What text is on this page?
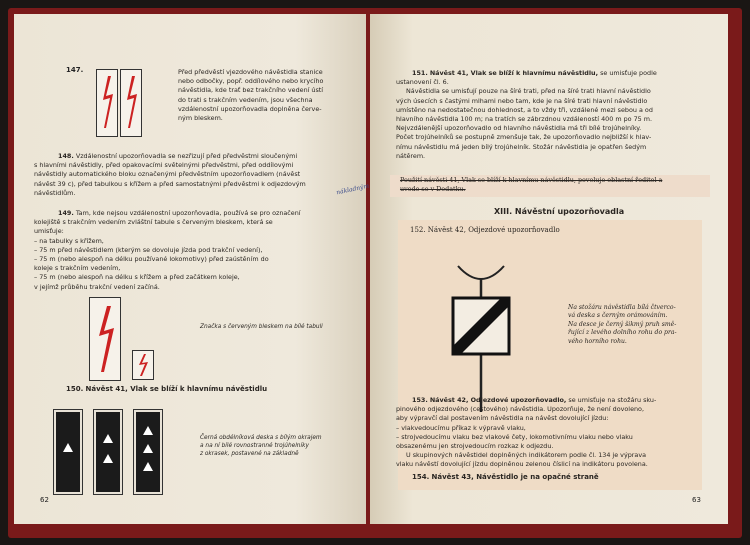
147.	Před předvěstí vjezdového návěstidla stanice
nebo odbočky, popř. oddílového nebo krycího
návěstidla, kde trať bez trakčního vedení ústí
do trati s trakčním vedením, jsou všechna
vzdálenostní upozorňovadla doplněna červe-
ným bleskem.
148. Vzdálenostní upozorňovadla se nezřizují před předvěstmi sloučenými
s hlavními návěstidly, před opakovacími světelnými předvěstmi, před oddílovými
návěstidly automatického bloku označenými předvěstním upozorňovadlem (návěst
návěst 39 c), před tabulkou s křížem a před samostatnými předvěstmi k odjezdovým
návěstidlům.	nákladným
149. Tam, kde nejsou vzdálenostní upozorňovadla, používá se pro označení
kolejiště s trakčním vedením zvláštní tabule s červeným bleskem, která se
umisťuje:
– na tabulky s křížem,
– 75 m před návěstidlem (kterým se dovoluje jízda pod trakční vedení),
– 75 m (nebo alespoň na délku používané lokomotivy) před zaústěním do
koleje s trakčním vedením,
– 75 m (nebo alespoň na délku s křížem a před začátkem koleje,
v jejímž průběhu trakční vedení začíná.
Značka s červeným bleskem na bílé tabuli
150. Návěst 41, Vlak se blíží k hlavnímu návěstidlu
Černá obdélníková deska s bílým okrajem
a na ní bílé rovnostranné trojúhelníky
z okrasek, postavené na základně
62
151. Návěst 41, Vlak se blíží k hlavnímu návěstidlu, se umisťuje podle
ustanovení čl. 6.
Návěstidla se umisťují pouze na šíré trati, před na šíré trati hlavní návěstidlo
vých úsecích s častými mlhami nebo tam, kde je na šíré trati hlavní návěstidlo
umístěno na nedostatečnou dohlednost, a to vždy tři, vzdálené mezi sebou a od
hlavního návěstidla 100 m; na tratích se zábrzdnou vzdáleností 400 m po 75 m.
Nejvzdálenější upozorňovadlo od hlavního návěstidla má tři bílé trojúhelníky.
Počet trojúhelníků se postupně zmenšuje tak, že upozorňovadlo nejbližší k hlav-
nímu návěstidlu má jeden bílý trojúhelník. Stožár návěstidla je opatřen šedým
nátěrem.
Použití návěsti 41, Vlak se blíží k hlavnímu návěstidlu, povoluje oblastní ředitel a
uvede se v Dodatku.
XIII. Návěstní upozorňovadla
152. Návěst 42, Odjezdové upozorňovadlo
Na stožáru návěstidla bílá čtverco-
vá deska s černým orámováním.
Na desce je černý šikmý pruh smě-
řující z levého dolního rohu do pra-
vého horního rohu.
153. Návěst 42, Odjezdové upozorňovadlo, se umisťuje na stožáru sku-
pinového odjezdového (cestového) návěstidla. Upozorňuje, že není dovoleno,
aby výpravčí dal postavením návěstidla na návěst dovolující jízdu:
– vlakvedoucímu příkaz k výpravě vlaku,
– strojvedoucímu vlaku bez vlakové čety, lokomotivnímu vlaku nebo vlaku
obsazenému jen strojvedoucím rozkaz k odjezdu.
U skupinových návěstidel doplněných indikátorem podle čl. 134 je výprava
vlaku návěstí dovolující jízdu doplněnou zelenou číslicí na indikátoru povolena.
154. Návěst 43, Návěstidlo je na opačné straně
63
